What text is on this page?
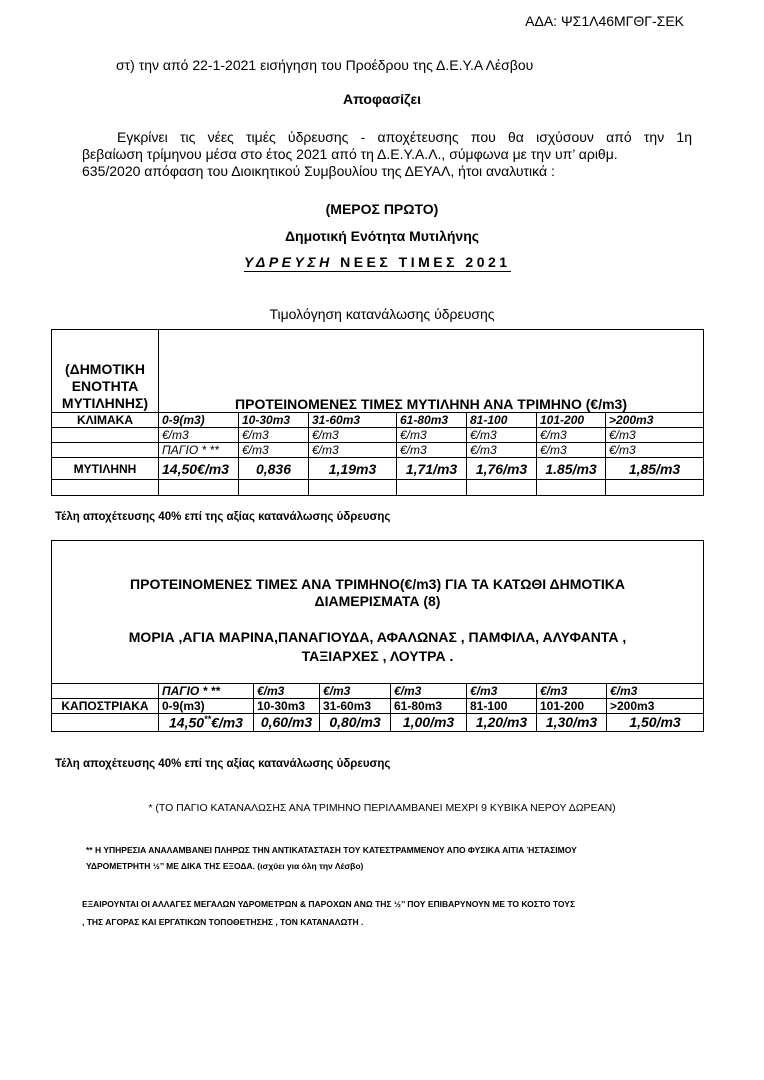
ΑΔΑ: ΨΣ1Λ46ΜΓΘΓ-ΣΕΚ
στ) την από 22-1-2021 εισήγηση του Προέδρου της Δ.Ε.Υ.Α Λέσβου
Αποφασίζει

Εγκρίνει τις νέες τιμές ύδρευσης - αποχέτευσης που θα ισχύσουν από την 1η

βεβαίωση τρίμηνου μέσα στο έτος 2021 από τη Δ.Ε.Υ.Α.Λ., σύμφωνα με την υπ’ αριθμ.

635/2020 απόφαση του Διοικητικού Συμβουλίου της ΔΕΥΑΛ, ήτοι αναλυτικά :

(ΜΕΡΟΣ ΠΡΩΤΟ)
Δημοτική Ενότητα Μυτιλήνης
ΥΔΡΕΥΣΗ ΝΕΕΣ ΤΙΜΕΣ 2021
Τιμολόγηση κατανάλωσης ύδρευσης
(ΔΗΜΟΤΙΚΗ
ΕΝΟΤΗΤΑ
ΜΥΤΙΛΗΝΗΣ)	ΠΡΟΤΕΙΝΟΜΕΝΕΣ ΤΙΜΕΣ ΜΥΤΙΛΗΝΗ ΑΝΑ ΤΡΙΜΗΝΟ (€/m3)						
ΚΛΙΜΑΚΑ	0-9(m3)	10-30m3	31-60m3	61-80m3	81-100	101-200	>200m3
	€/m3	€/m3	€/m3	€/m3	€/m3	€/m3	€/m3
	ΠΑΓΙΟ * **	€/m3	€/m3	€/m3	€/m3	€/m3	€/m3
ΜΥΤΙΛΗΝΗ	14,50€/m3	0,836	1,19m3	1,71/m3	1,76/m3	1.85/m3	1,85/m3

Τέλη αποχέτευσης 40% επί της αξίας κατανάλωσης ύδρευσης
ΠΡΟΤΕΙΝΟΜΕΝΕΣ ΤΙΜΕΣ ΑΝΑ ΤΡΙΜΗΝΟ(€/m3) ΓΙΑ ΤΑ ΚΑΤΩΘΙ ΔΗΜΟΤΙΚΑ
ΔΙΑΜΕΡΙΣΜΑΤΑ (8)
ΜΟΡΙΑ ,ΑΓΙΑ ΜΑΡΙΝΑ,ΠΑΝΑΓΙΟΥΔΑ, ΑΦΑΛΩΝΑΣ , ΠΑΜΦΙΛΑ, ΑΛΥΦΑΝΤΑ ,
ΤΑΞΙΑΡΧΕΣ , ΛΟΥΤΡΑ .
	ΠΑΓΙΟ * **	€/m3	€/m3	€/m3	€/m3	€/m3	€/m3
ΚΑΠΟΣΤΡΙΑΚΑ	0-9(m3)	10-30m3	31-60m3	61-80m3	81-100	101-200	>200m3
	14,50**€/m3	0,60/m3	0,80/m3	1,00/m3	1,20/m3	1,30/m3	1,50/m3
Τέλη αποχέτευσης 40% επί της αξίας κατανάλωσης ύδρευσης
* (ΤΟ ΠΑΓΙΟ ΚΑΤΑΝΑΛΩΣΗΣ ΑΝΑ ΤΡΙΜΗΝΟ ΠΕΡΙΛΑΜΒΑΝΕΙ ΜΕΧΡΙ 9 ΚΥΒΙΚΑ ΝΕΡΟΥ ΔΩΡΕΑΝ)
** Η ΥΠΗΡΕΣΙΑ ΑΝΑΛΑΜΒΑΝΕΙ ΠΛΗΡΩΣ ΤΗΝ ΑΝΤΙΚΑΤΑΣΤΑΣΗ ΤΟΥ ΚΑΤΕΣΤΡΑΜΜΕΝΟΥ ΑΠΟ ΦΥΣΙΚΑ ΑΙΤΙΑ ΉΣΤΑΣΙΜΟΥ
ΥΔΡΟΜΕΤΡΗΤΗ ½’’ ΜΕ ΔΙΚΑ ΤΗΣ ΕΞΟΔΑ. (ισχύει για όλη την Λέσβο)
ΕΞΑΙΡΟΥΝΤΑΙ ΟΙ ΑΛΛΑΓΕΣ ΜΕΓΑΛΩΝ ΥΔΡΟΜΕΤΡΩΝ & ΠΑΡΟΧΩΝ ΑΝΩ ΤΗΣ ½’’ ΠΟΥ ΕΠΙΒΑΡΥΝΟΥΝ ΜΕ ΤΟ ΚΟΣΤΟ ΤΟΥΣ
, ΤΗΣ ΑΓΟΡΑΣ ΚΑΙ ΕΡΓΑΤΙΚΩΝ ΤΟΠΟΘΕΤΗΣΗΣ , ΤΟΝ ΚΑΤΑΝΑΛΩΤΗ .
